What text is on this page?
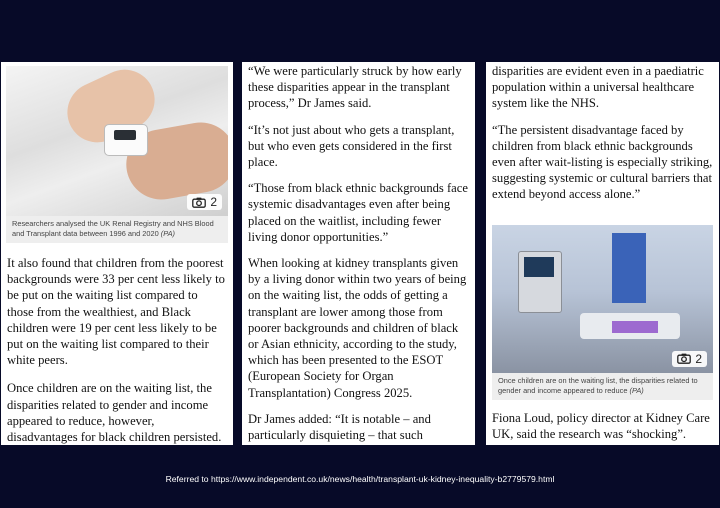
2
Researchers analysed the UK Renal Registry and NHS Blood and Transplant data between 1996 and 2020 (PA)

It also found that children from the poorest backgrounds were 33 per cent less likely to be put on the waiting list compared to those from the wealthiest, and Black children were 19 per cent less likely to be put on the waiting list compared to their white peers.

Once children are on the waiting list, the disparities related to gender and income appeared to reduce, however, disadvantages for black children persisted.

“We were particularly struck by how early these disparities appear in the transplant process,” Dr James said.

“It’s not just about who gets a transplant, but who even gets considered in the first place.

“Those from black ethnic backgrounds face systemic disadvantages even after being placed on the waitlist, including fewer living donor opportunities.”

When looking at kidney transplants given by a living donor within two years of being on the waiting list, the odds of getting a transplant are lower among those from poorer backgrounds and children of black or Asian ethnicity, according to the study, which has been presented to the ESOT (European Society for Organ Transplantation) Congress 2025.

Dr James added: “It is notable – and particularly disquieting – that such

disparities are evident even in a paediatric population within a universal healthcare system like the NHS.

“The persistent disadvantage faced by children from black ethnic backgrounds even after wait-listing is especially striking, suggesting systemic or cultural barriers that extend beyond access alone.”

2
Once children are on the waiting list, the disparities related to gender and income appeared to reduce (PA)

Fiona Loud, policy director at Kidney Care UK, said the research was “shocking”.

Referred to https://www.independent.co.uk/news/health/transplant-uk-kidney-inequality-b2779579.html
